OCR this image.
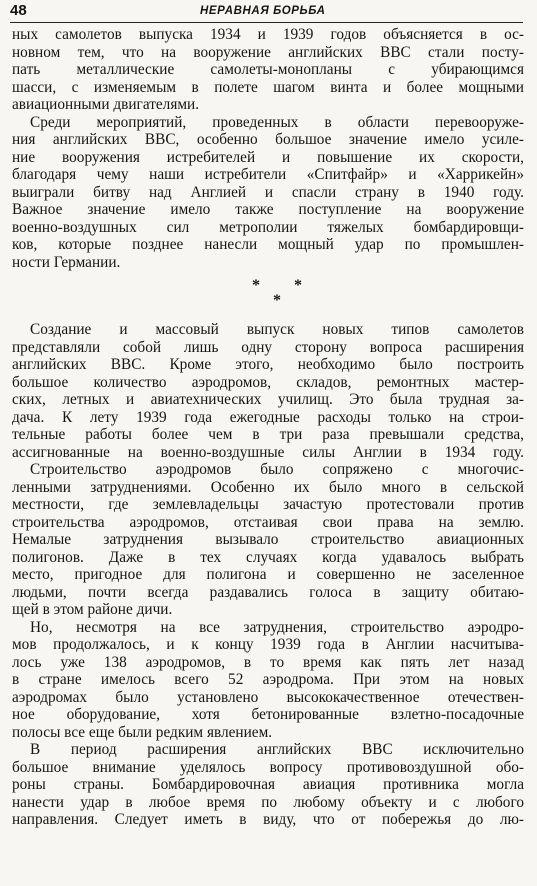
48	НЕРАВНАЯ БОРЬБА
ных самолетов выпуска 1934 и 1939 годов объясняется в ос-
новном тем, что на вооружение английских ВВС стали посту-
пать металлические самолеты-монопланы с убирающимся
шасси, с изменяемым в полете шагом винта и более мощными
авиационными двигателями.
Среди мероприятий, проведенных в области перевооруже-
ния английских ВВС, особенно большое значение имело усиле-
ние вооружения истребителей и повышение их скорости,
благодаря чему наши истребители «Спитфайр» и «Харрикейн»
выиграли битву над Англией и спасли страну в 1940 году.
Важное значение имело также поступление на вооружение
военно-воздушных сил метрополии тяжелых бомбардировщи-
ков, которые позднее нанесли мощный удар по промышлен-
ности Германии.
* *
*
Создание и массовый выпуск новых типов самолетов
представляли собой лишь одну сторону вопроса расширения
английских ВВС. Кроме этого, необходимо было построить
большое количество аэродромов, складов, ремонтных мастер-
ских, летных и авиатехнических училищ. Это была трудная за-
дача. К лету 1939 года ежегодные расходы только на строи-
тельные работы более чем в три раза превышали средства,
ассигнованные на военно-воздушные силы Англии в 1934 году.
Строительство аэродромов было сопряжено с многочис-
ленными затруднениями. Особенно их было много в сельской
местности, где землевладельцы зачастую протестовали против
строительства аэродромов, отстаивая свои права на землю.
Немалые затруднения вызывало строительство авиационных
полигонов. Даже в тех случаях когда удавалось выбрать
место, пригодное для полигона и совершенно не заселенное
людьми, почти всегда раздавались голоса в защиту обитаю-
щей в этом районе дичи.
Но, несмотря на все затруднения, строительство аэродро-
мов продолжалось, и к концу 1939 года в Англии насчитыва-
лось уже 138 аэродромов, в то время как пять лет назад
в стране имелось всего 52 аэродрома. При этом на новых
аэродромах было установлено высококачественное отечествен-
ное оборудование, хотя бетонированные взлетно-посадочные
полосы все еще были редким явлением.
В период расширения английских ВВС исключительно
большое внимание уделялось вопросу противовоздушной обо-
роны страны. Бомбардировочная авиация противника могла
нанести удар в любое время по любому объекту и с любого
направления. Следует иметь в виду, что от побережья до лю-
